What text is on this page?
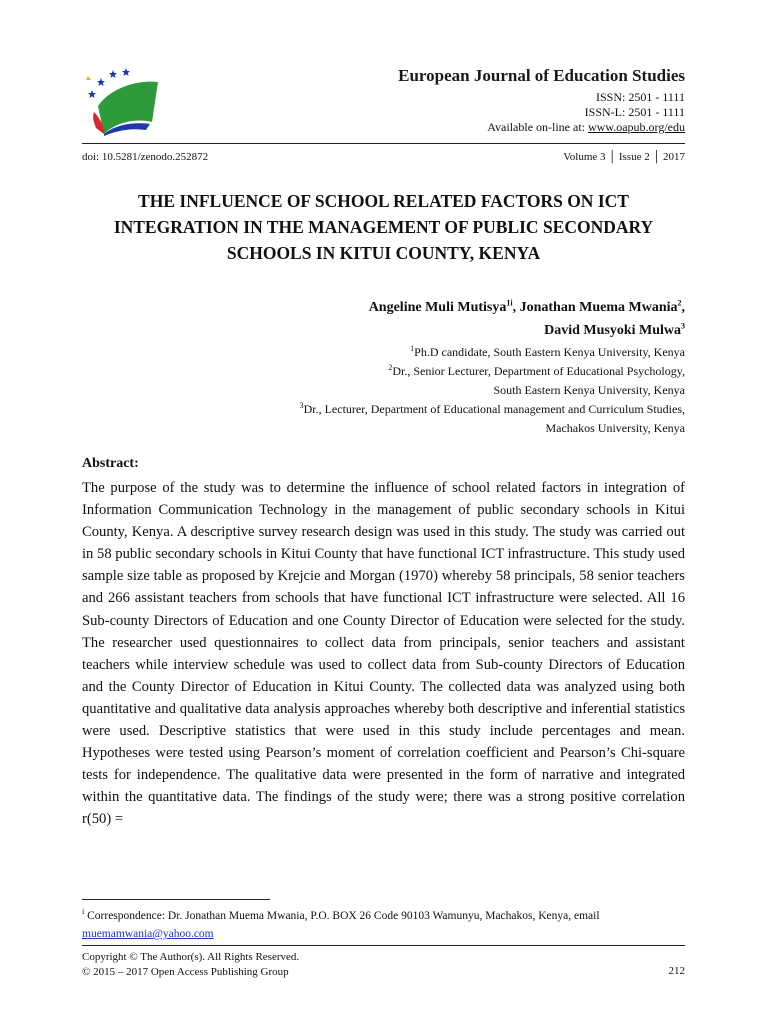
European Journal of Education Studies
ISSN: 2501 - 1111
ISSN-L: 2501 - 1111
Available on-line at: www.oapub.org/edu
doi: 10.5281/zenodo.252872	Volume 3 │ Issue 2 │ 2017
THE INFLUENCE OF SCHOOL RELATED FACTORS ON ICT
INTEGRATION IN THE MANAGEMENT OF PUBLIC SECONDARY
SCHOOLS IN KITUI COUNTY, KENYA
Angeline Muli Mutisya$^{1i}$, Jonathan Muema Mwania$^2$,
David Musyoki Mulwa$^3$
$^1$Ph.D candidate, South Eastern Kenya University, Kenya
$^2$Dr., Senior Lecturer, Department of Educational Psychology,
South Eastern Kenya University, Kenya
$^3$Dr., Lecturer, Department of Educational management and Curriculum Studies,
Machakos University, Kenya
Abstract:
The purpose of the study was to determine the influence of school related factors in integration of Information Communication Technology in the management of public secondary schools in Kitui County, Kenya. A descriptive survey research design was used in this study. The study was carried out in 58 public secondary schools in Kitui County that have functional ICT infrastructure. This study used sample size table as proposed by Krejcie and Morgan (1970) whereby 58 principals, 58 senior teachers and 266 assistant teachers from schools that have functional ICT infrastructure were selected. All 16 Sub-county Directors of Education and one County Director of Education were selected for the study. The researcher used questionnaires to collect data from principals, senior teachers and assistant teachers while interview schedule was used to collect data from Sub-county Directors of Education and the County Director of Education in Kitui County. The collected data was analyzed using both quantitative and qualitative data analysis approaches whereby both descriptive and inferential statistics were used. Descriptive statistics that were used in this study include percentages and mean. Hypotheses were tested using Pearson’s moment of correlation coefficient and Pearson’s Chi-square tests for independence. The qualitative data were presented in the form of narrative and integrated within the quantitative data. The findings of the study were; there was a strong positive correlation r(50) =
$^i$ Correspondence: Dr. Jonathan Muema Mwania, P.O. BOX 26 Code 90103 Wamunyu, Machakos, Kenya, email muemamwania@yahoo.com
Copyright © The Author(s). All Rights Reserved.
© 2015 – 2017 Open Access Publishing Group	212
